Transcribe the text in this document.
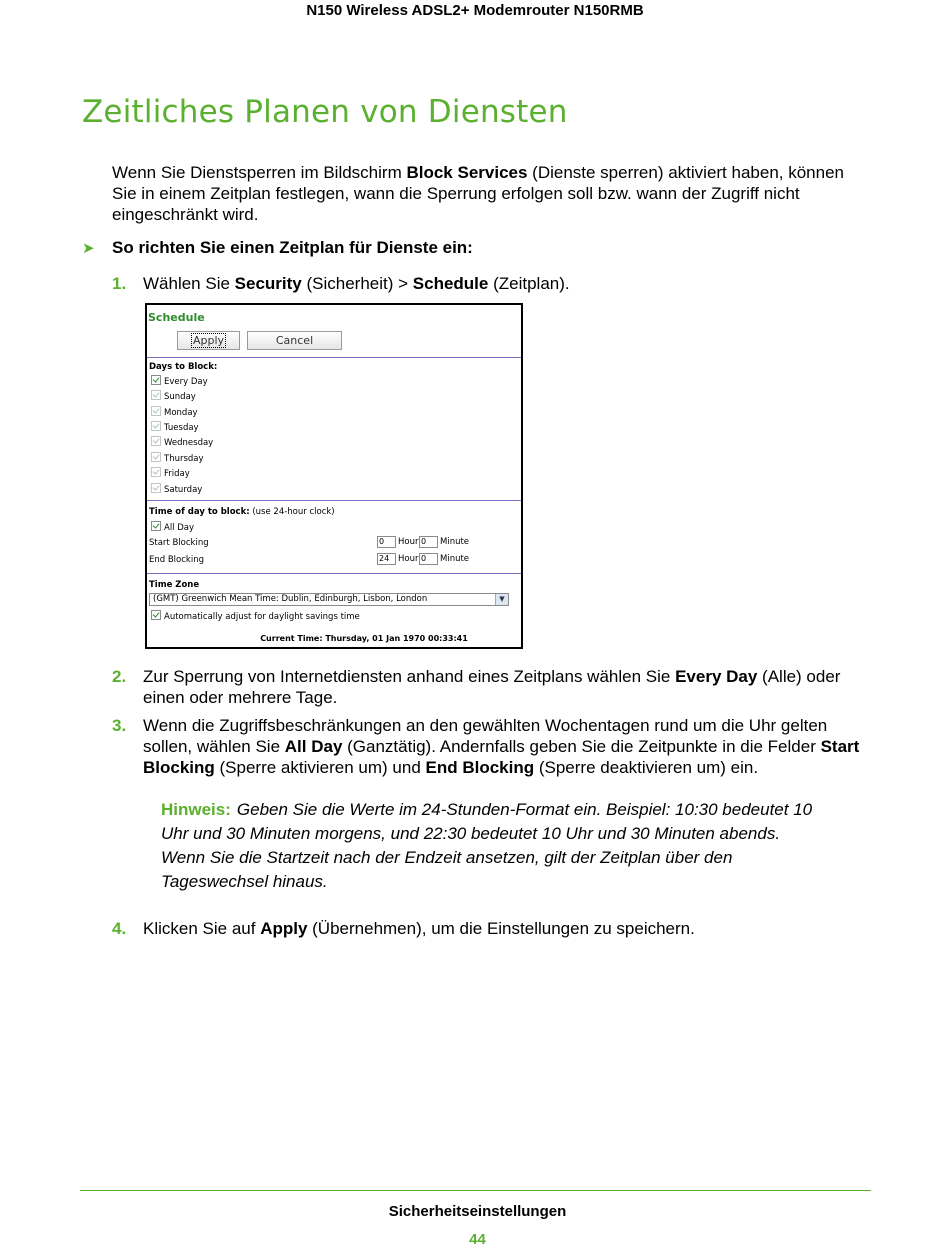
N150 Wireless ADSL2+ Modemrouter N150RMB
Zeitliches Planen von Diensten
Wenn Sie Dienstsperren im Bildschirm Block Services (Dienste sperren) aktiviert haben, können Sie in einem Zeitplan festlegen, wann die Sperrung erfolgen soll bzw. wann der Zugriff nicht eingeschränkt wird.
➤ So richten Sie einen Zeitplan für Dienste ein:
1. Wählen Sie Security (Sicherheit) > Schedule (Zeitplan).
Schedule
Apply	Cancel
Days to Block:
Every Day
Sunday
Monday
Tuesday
Wednesday
Thursday
Friday
Saturday
Time of day to block: (use 24-hour clock)
All Day
Start Blocking	0	Hour 0	Minute
End Blocking	24	Hour 0	Minute
Time Zone
(GMT) Greenwich Mean Time: Dublin, Edinburgh, Lisbon, London	▼
Automatically adjust for daylight savings time
Current Time: Thursday, 01 Jan 1970 00:33:41
2. Zur Sperrung von Internetdiensten anhand eines Zeitplans wählen Sie Every Day (Alle) oder einen oder mehrere Tage.
3. Wenn die Zugriffsbeschränkungen an den gewählten Wochentagen rund um die Uhr gelten sollen, wählen Sie All Day (Ganztätig). Andernfalls geben Sie die Zeitpunkte in die Felder Start Blocking (Sperre aktivieren um) und End Blocking (Sperre deaktivieren um) ein.
Hinweis: Geben Sie die Werte im 24-Stunden-Format ein. Beispiel: 10:30 bedeutet 10 Uhr und 30 Minuten morgens, und 22:30 bedeutet 10 Uhr und 30 Minuten abends. Wenn Sie die Startzeit nach der Endzeit ansetzen, gilt der Zeitplan über den Tageswechsel hinaus.
4. Klicken Sie auf Apply (Übernehmen), um die Einstellungen zu speichern.
Sicherheitseinstellungen
44
